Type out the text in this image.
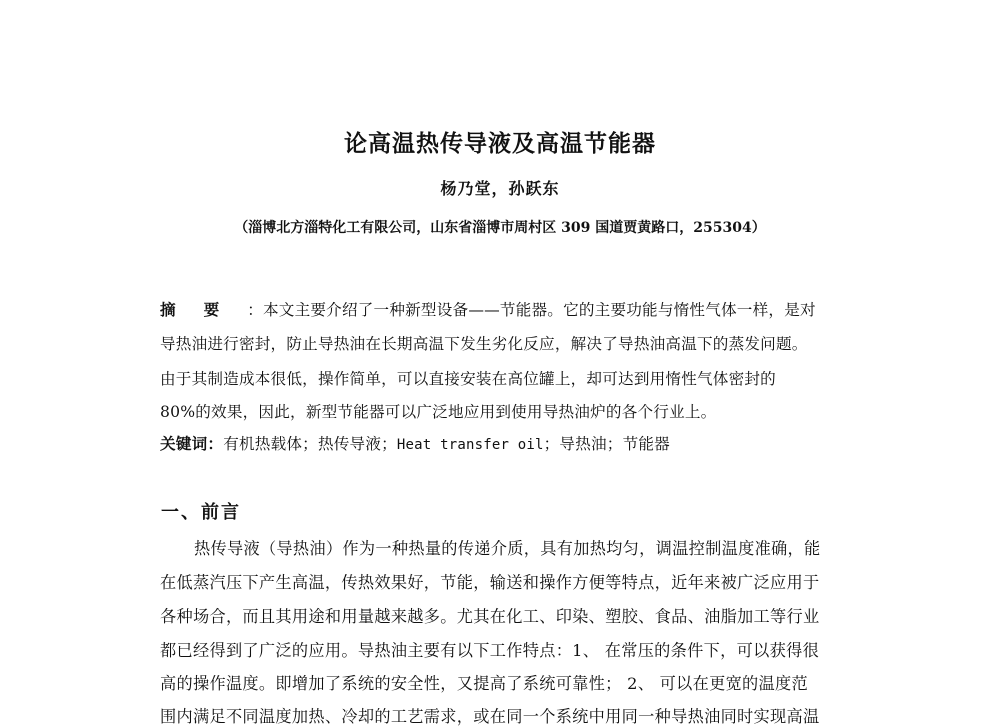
论高温热传导液及高温节能器
杨乃堂，孙跃东
（淄博北方淄特化工有限公司，山东省淄博市周村区 309 国道贾黄路口，255304）
摘要：本文主要介绍了一种新型设备——节能器。它的主要功能与惰性气体一样，是对
导热油进行密封，防止导热油在长期高温下发生劣化反应，解决了导热油高温下的蒸发问题。
由于其制造成本很低，操作简单，可以直接安装在高位罐上，却可达到用惰性气体密封的
80%的效果，因此，新型节能器可以广泛地应用到使用导热油炉的各个行业上。
关键词：有机热载体；热传导液；Heat transfer oil；导热油；节能器
一、前言
热传导液（导热油）作为一种热量的传递介质，具有加热均匀，调温控制温度准确，能
在低蒸汽压下产生高温，传热效果好，节能，输送和操作方便等特点，近年来被广泛应用于
各种场合，而且其用途和用量越来越多。尤其在化工、印染、塑胶、食品、油脂加工等行业
都已经得到了广泛的应用。导热油主要有以下工作特点：1、 在常压的条件下，可以获得很
高的操作温度。即增加了系统的安全性，又提高了系统可靠性； 2、 可以在更宽的温度范
围内满足不同温度加热、冷却的工艺需求，或在同一个系统中用同一种导热油同时实现高温
